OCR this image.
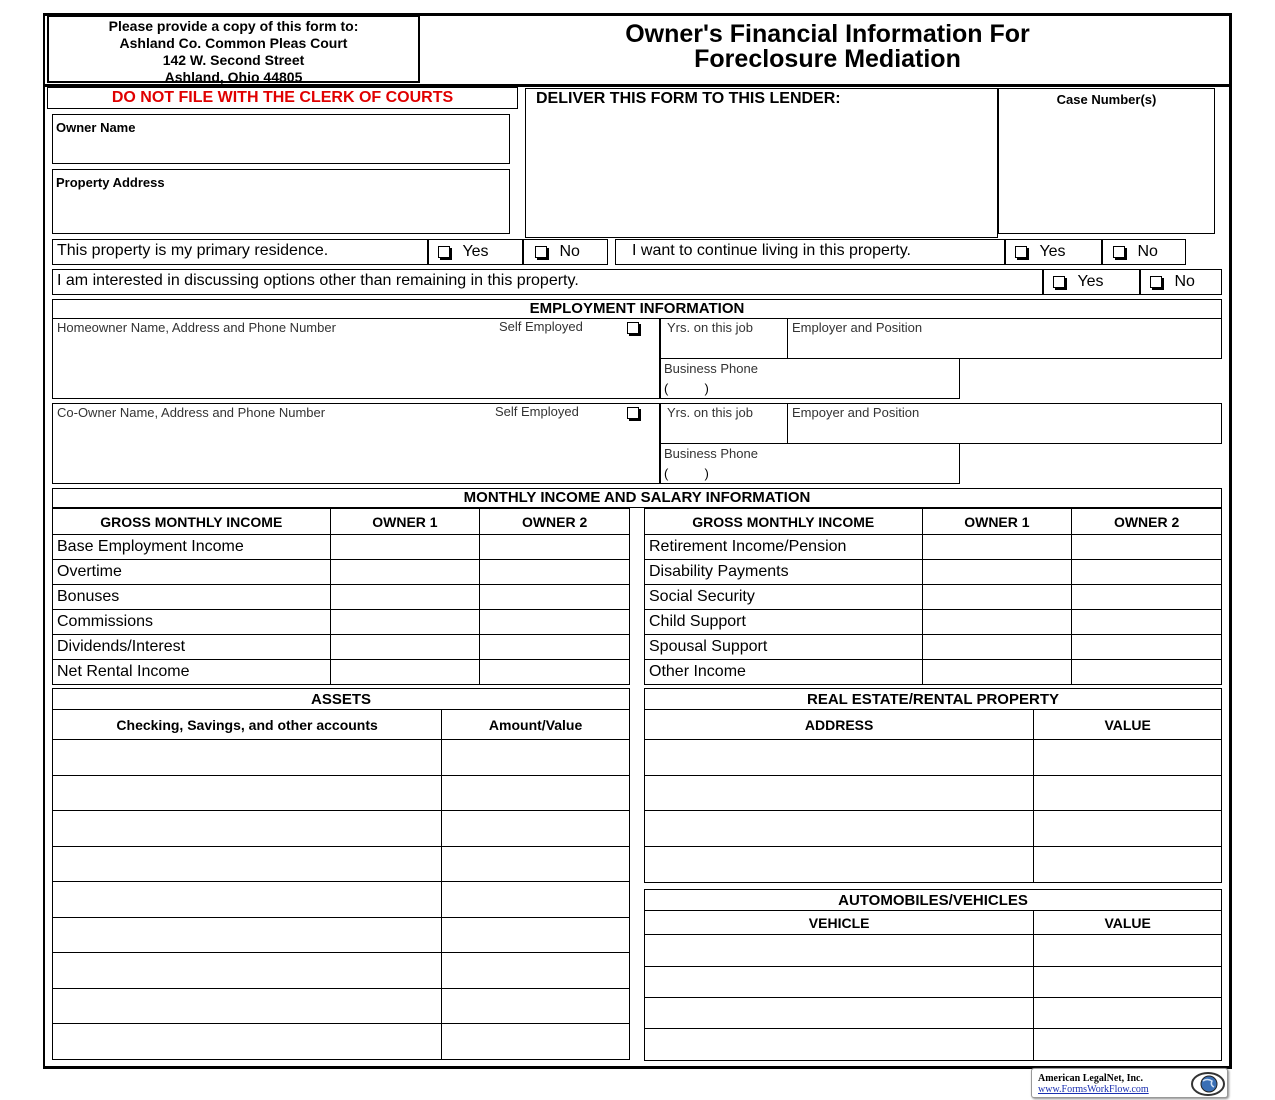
Please provide a copy of this form to:
Ashland Co. Common Pleas Court
142 W. Second Street
Ashland, Ohio 44805
Owner's Financial Information For
Foreclosure Mediation
DO NOT FILE WITH THE CLERK OF COURTS
Owner Name
Property Address
DELIVER THIS FORM TO THIS LENDER:	Case Number(s)
This property is my primary residence.	Yes	No	I want to continue living in this property.	Yes	No
I am interested in discussing options other than remaining in this property.	Yes	No
EMPLOYMENT INFORMATION
Homeowner Name, Address and Phone Number	Self Employed	Yrs. on this job	Employer and Position
Business Phone
(          )
Co-Owner Name, Address and Phone Number	Self Employed	Yrs. on this job	Empoyer and Position
Business Phone
(          )
MONTHLY INCOME AND SALARY INFORMATION
GROSS MONTHLY INCOME	OWNER 1	OWNER 2
Base Employment Income		
Overtime		
Bonuses		
Commissions		
Dividends/Interest		
Net Rental Income		
GROSS MONTHLY INCOME	OWNER 1	OWNER 2
Retirement Income/Pension		
Disability Payments		
Social Security		
Child Support		
Spousal Support		
Other Income		
ASSETS	
Checking, Savings, and other accounts	Amount/Value

REAL ESTATE/RENTAL PROPERTY	
ADDRESS	VALUE

AUTOMOBILES/VEHICLES	
VEHICLE	VALUE

American LegalNet, Inc.
www.FormsWorkFlow.com
